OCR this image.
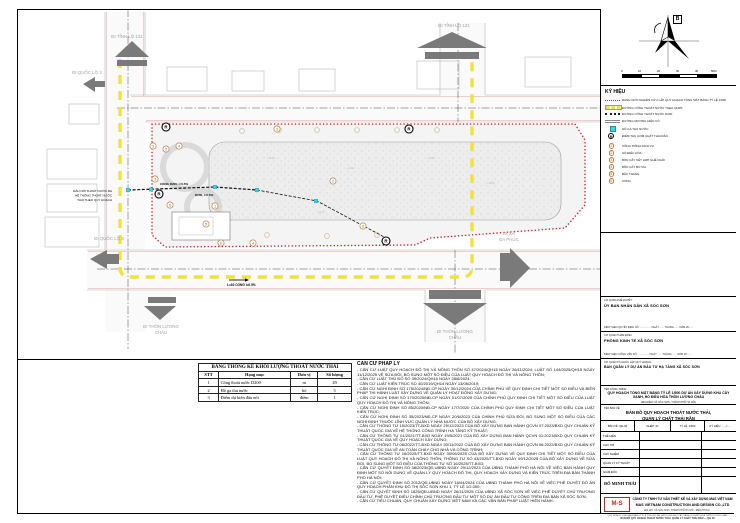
R
R
R
R
3
5
4
3
6	1
5
2
8
4
6
3
+11.35
+11.42
+11.28
+11.50
+11.37
ĐI TỈNH LỘ 131
ĐI TỈNH LỘ 131
ĐI QUỐC LỘ 3
ĐI QUỐC LỘ 3
ĐI THÔN LƯƠNG
CHÂU	ĐI THÔN LƯƠNG
CHÂU
ĐI XÃ
ĐA PHÚC
ĐẤU NỐI THOÁT NƯỚC RA
HỆ THỐNG THOÁT NƯỚC
THẢI THEO QUY HOẠCH
CỐNG D200, i=0.5%
D200, i=0.5%
L=92 CỐNG i=0.5%
BẢNG THỐNG KÊ KHỐI LƯỢNG THOÁT NƯỚC THẢI			
STT	Hạng mục	Đơn vị	Số lượng
1	Cống thoát nước D200	m	49
2	Hố ga thu nước	hố	5
3	Điểm dự kiến đấu nối	điểm	1
CĂN CỨ PHÁP LÝ
- CĂN CỨ LUẬT QUY HOẠCH ĐÔ THỊ VÀ NÔNG THÔN SỐ 47/2024/QH15 NGÀY 26/11/2024; LUẬT SỐ 144/2025/QH15 NGÀY 11/12/2025 VỀ SỬA ĐỔI, BỔ SUNG MỘT SỐ ĐIỀU CỦA LUẬT QUY HOẠCH ĐÔ THỊ VÀ NÔNG THÔN;
- CĂN CỨ LUẬT THỦ ĐÔ SỐ 39/2024/QH15 NGÀY 28/6/2024;
- CĂN CỨ LUẬT KIẾN TRÚC SỐ 40/2019/QH14 NGÀY 13/06/2019;
- CĂN CỨ NGHỊ ĐỊNH SỐ 175/2024/NĐ-CP NGÀY 30/12/2024 CỦA CHÍNH PHỦ VỀ QUY ĐỊNH CHI TIẾT MỘT SỐ ĐIỀU VÀ BIỆN PHÁP THI HÀNH LUẬT XÂY DỰNG VỀ QUẢN LÝ HOẠT ĐỘNG XÂY DỰNG;
- CĂN CỨ NGHỊ ĐỊNH SỐ 179/2025/NĐ-CP NGÀY 01/07/2025 CỦA CHÍNH PHỦ QUY ĐỊNH CHI TIẾT MỘT SỐ ĐIỀU CỦA LUẬT QUY HOẠCH ĐÔ THỊ VÀ NÔNG THÔN;
- CĂN CỨ NGHỊ ĐỊNH SỐ 85/2020/NĐ-CP NGÀY 17/7/2020 CỦA CHÍNH PHỦ QUY ĐỊNH CHI TIẾT MỘT SỐ ĐIỀU CỦA LUẬT KIẾN TRÚC;
- CĂN CỨ NGHỊ ĐỊNH SỐ 35/2023/NĐ-CP NGÀY 20/6/2023 CỦA CHÍNH PHỦ SỬA ĐỔI, BỔ SUNG MỘT SỐ ĐIỀU CỦA CÁC NGHỊ ĐỊNH THUỘC LĨNH VỰC QUẢN LÝ NHÀ NƯỚC CỦA BỘ XÂY DỰNG;
- CĂN CỨ THÔNG TƯ 15/2023/TT-BXD NGÀY 29/12/2023 CỦA BỘ XÂY DỰNG BAN HÀNH QCVN 07:2023/BXD QUY CHUẨN KỸ THUẬT QUỐC GIA VỀ HỆ THỐNG CÔNG TRÌNH HẠ TẦNG KỸ THUẬT;
- CĂN CỨ THÔNG TƯ 01/2021/TT-BXD NGÀY 19/5/2021 CỦA BỘ XÂY DỰNG BAN HÀNH QCVN 01:2021/BXD QUY CHUẨN KỸ THUẬT QUỐC GIA VỀ QUY HOẠCH XÂY DỰNG;
- CĂN CỨ THÔNG TƯ 06/2022/TT-BXD NGÀY 30/11/2022 CỦA BỘ XÂY DỰNG BAN HÀNH QCVN 06:2022/BXD QUY CHUẨN KỸ THUẬT QUỐC GIA VỀ AN TOÀN CHÁY CHO NHÀ VÀ CÔNG TRÌNH;
- CĂN CỨ THÔNG TƯ 16/2025/TT-BXD NGÀY 30/06/2025 CỦA BỘ XÂY DỰNG VỀ QUY ĐỊNH CHI TIẾT MỘT SỐ ĐIỀU CỦA LUẬT QUY HOẠCH ĐÔ THỊ VÀ NÔNG THÔN; THÔNG TƯ SỐ 43/2025/TT-BXD NGÀY 09/12/2025 CỦA BỘ XÂY DỰNG VỀ SỬA ĐỔI, BỔ SUNG MỘT SỐ ĐIỀU CỦA THÔNG TƯ SỐ 16/2025/TT-BXD;
- CĂN CỨ QUYẾT ĐỊNH SỐ 38/2023/QĐ-UBND NGÀY 29/12/2023 CỦA UBND THÀNH PHỐ HÀ NỘI VỀ VIỆC BAN HÀNH QUY ĐỊNH MỘT SỐ NỘI DUNG VỀ QUẢN LÝ QUY HOẠCH ĐÔ THỊ, QUY HOẠCH XÂY DỰNG VÀ KIẾN TRÚC TRÊN ĐỊA BÀN THÀNH PHỐ HÀ NỘI;
- CĂN CỨ QUYẾT ĐỊNH SỐ 2012/QĐ-UBND NGÀY 16/04/2024 CỦA UBND THÀNH PHỐ HÀ NỘI VỀ VIỆC PHÊ DUYỆT ĐỒ ÁN QUY HOẠCH PHÂN KHU ĐÔ THỊ SÓC SƠN KHU 1, TỶ LỆ 1/2.000;
- CĂN CỨ QUYẾT ĐỊNH SỐ 1825/QĐ-UBND NGÀY 26/11/2025 CỦA UBND XÃ SÓC SƠN VỀ VIỆC PHÊ DUYỆT CHỦ TRƯƠNG ĐẦU TƯ, PHÊ DUYỆT ĐIỀU CHỈNH CHỦ TRƯƠNG ĐẦU TƯ MỘT SỐ DỰ ÁN ĐẦU TƯ CÔNG TRÊN ĐỊA BÀN XÃ SÓC SƠN;
- CĂN CỨ TIÊU CHUẨN, QUY CHUẨN XÂY DỰNG VIỆT NAM VÀ CÁC VĂN BẢN PHÁP LUẬT HIỆN HÀNH.
B
0	10	20	30	40	50M
KÝ HIỆU
RANH GIỚI NGHIÊN CỨU LẬP QUY HOẠCH TỔNG MẶT BẰNG TỶ LỆ 1/500
ĐƯỜNG CỐNG THOÁT NƯỚC THEO QHPK
ĐƯỜNG CỐNG THOÁT NƯỚC D200
ĐƯỜNG MƯƠNG HIỆN CÓ
HỐ GA THU NƯỚC
R	ĐIỂM THU GOM CHẤT THẢI RẮN
1	CÔNG TRÌNH DỊCH VỤ
2	HỒ ĐIỀU HÒA
3	BỒN CÂY KẾT HỢP GHẾ NGỒI
4	BỒN CÂY BO VỈA
5	BẬC THANG
6	CỔNG
CƠ QUAN PHÊ DUYỆT:
ỦY BAN NHÂN DÂN XÃ SÓC SƠN
KÈM THEO QUYẾT ĐỊNH SỐ: ............... NGÀY ...... THÁNG ...... NĂM 20......
CƠ QUAN THẨM ĐỊNH:
PHÒNG KINH TẾ XÃ SÓC SƠN
KÈM THEO CÔNG VĂN SỐ: ............... NGÀY ...... THÁNG ...... NĂM 20......
CƠ QUAN TỔ CHỨC LẬP QUY HOẠCH:
BAN QUẢN LÝ DỰ ÁN ĐẦU TƯ HẠ TẦNG XÃ SÓC SƠN
TÊN CÔNG TRÌNH:
QUY HOẠCH TỔNG MẶT BẰNG TỶ LỆ 1/500 DỰ ÁN XÂY DỰNG KHU CÂY XANH, HỒ ĐIỀU HÒA THÔN LƯƠNG CHÂU
(ĐỊA ĐIỂM: XÃ SÓC SƠN, THÀNH PHỐ HÀ NỘI)
TÊN BẢN VẼ:
BẢN ĐỒ QUY HOẠCH THOÁT NƯỚC THẢI,
QUẢN LÝ CHẤT THẢI RẮN
BẢN VẼ: QH-06	GHÉP: A1	TỶ LỆ: 1/500	KÝ HIỆU: ....../......
THỂ HIỆN
CHỦ TRÌ
CHỦ NHIỆM
QUẢN LÝ KỸ THUẬT
GIÁM ĐỐC
ĐỖ MINH THÁI
M-S
CÔNG TY TNHH TƯ VẤN THIẾT KẾ VÀ XÂY DỰNG MAS VIỆT NAM
MAS VIETNAM CONSTRUCTION AND DESIGN CO.,LTD
ĐỊA CHỈ: XÃ SÓC SƠN, THÀNH PHỐ HÀ NỘI - ĐIỆN THOẠI: ...............
QUY HOẠCH TỔNG MẶT BẰNG TỶ LỆ 1/500 DỰ ÁN XÂY DỰNG KHU CÂY XANH, HỒ ĐIỀU HÒA THÔN LƯƠNG CHÂU
BẢN ĐỒ QUY HOẠCH THOÁT NƯỚC THẢI, QUẢN LÝ CHẤT THẢI RẮN — QH-06
